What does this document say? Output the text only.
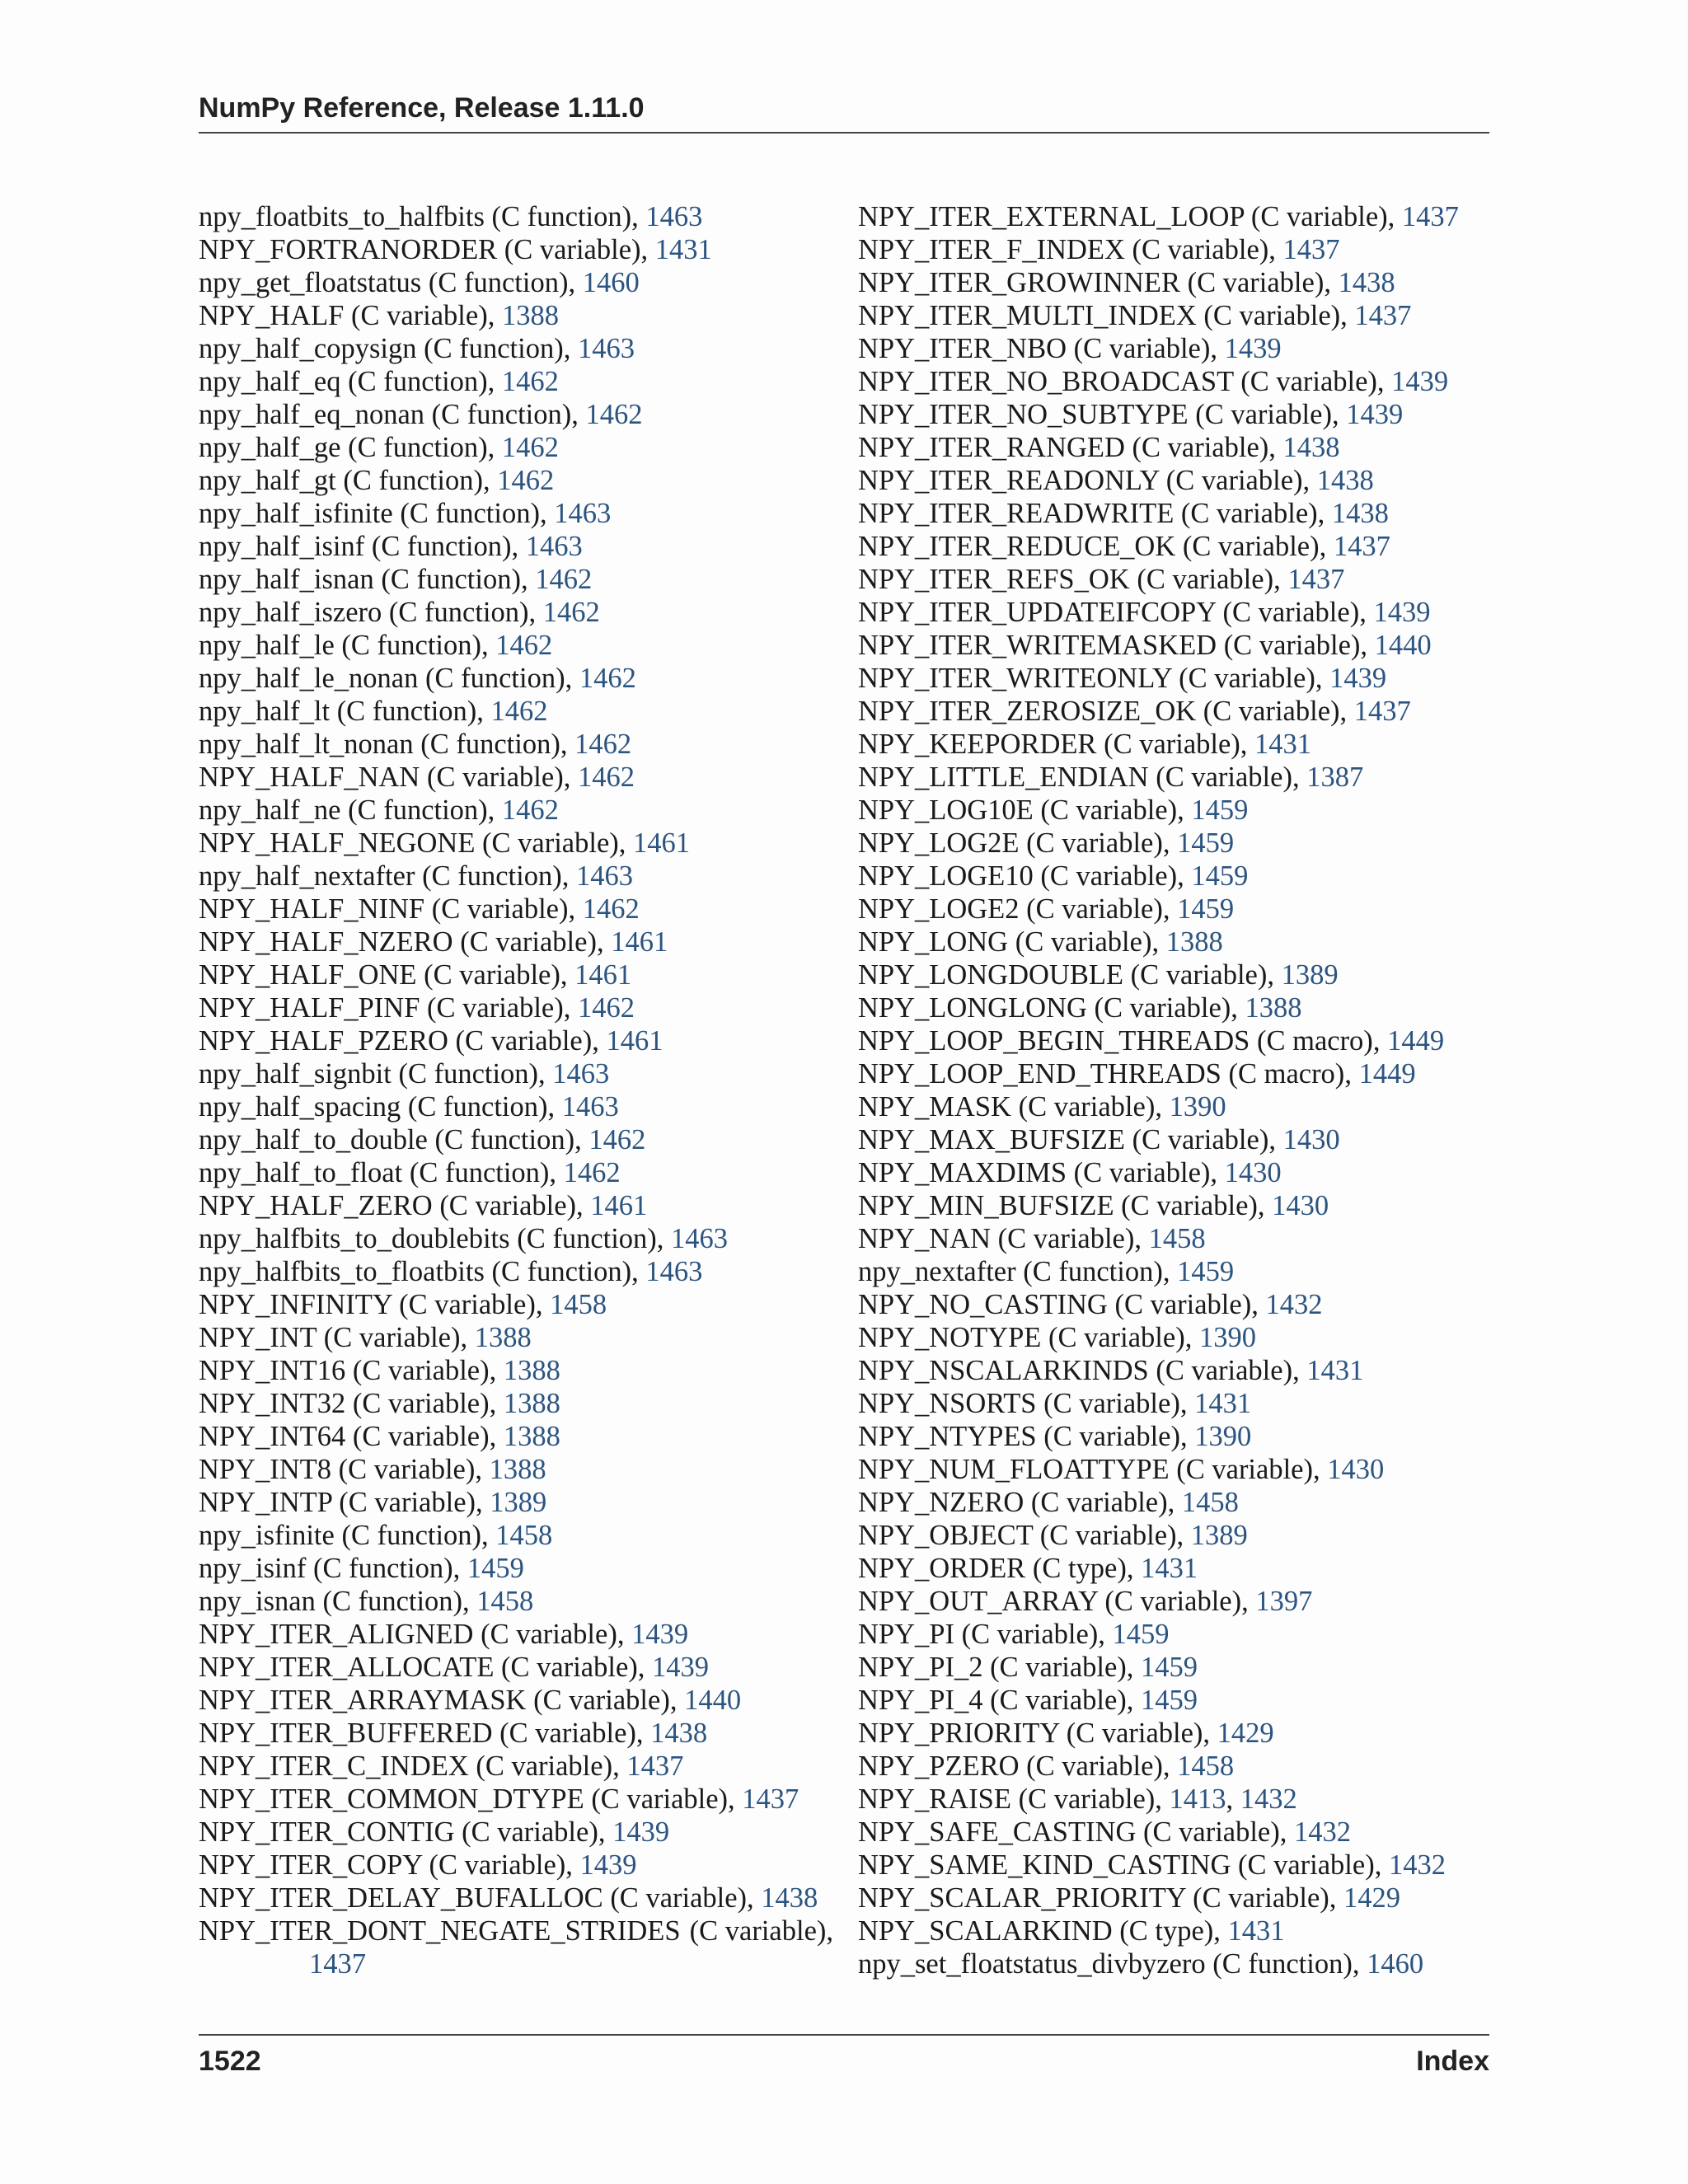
NumPy Reference, Release 1.11.0
npy_floatbits_to_halfbits (C function), 1463
NPY_FORTRANORDER (C variable), 1431
npy_get_floatstatus (C function), 1460
NPY_HALF (C variable), 1388
npy_half_copysign (C function), 1463
npy_half_eq (C function), 1462
npy_half_eq_nonan (C function), 1462
npy_half_ge (C function), 1462
npy_half_gt (C function), 1462
npy_half_isfinite (C function), 1463
npy_half_isinf (C function), 1463
npy_half_isnan (C function), 1462
npy_half_iszero (C function), 1462
npy_half_le (C function), 1462
npy_half_le_nonan (C function), 1462
npy_half_lt (C function), 1462
npy_half_lt_nonan (C function), 1462
NPY_HALF_NAN (C variable), 1462
npy_half_ne (C function), 1462
NPY_HALF_NEGONE (C variable), 1461
npy_half_nextafter (C function), 1463
NPY_HALF_NINF (C variable), 1462
NPY_HALF_NZERO (C variable), 1461
NPY_HALF_ONE (C variable), 1461
NPY_HALF_PINF (C variable), 1462
NPY_HALF_PZERO (C variable), 1461
npy_half_signbit (C function), 1463
npy_half_spacing (C function), 1463
npy_half_to_double (C function), 1462
npy_half_to_float (C function), 1462
NPY_HALF_ZERO (C variable), 1461
npy_halfbits_to_doublebits (C function), 1463
npy_halfbits_to_floatbits (C function), 1463
NPY_INFINITY (C variable), 1458
NPY_INT (C variable), 1388
NPY_INT16 (C variable), 1388
NPY_INT32 (C variable), 1388
NPY_INT64 (C variable), 1388
NPY_INT8 (C variable), 1388
NPY_INTP (C variable), 1389
npy_isfinite (C function), 1458
npy_isinf (C function), 1459
npy_isnan (C function), 1458
NPY_ITER_ALIGNED (C variable), 1439
NPY_ITER_ALLOCATE (C variable), 1439
NPY_ITER_ARRAYMASK (C variable), 1440
NPY_ITER_BUFFERED (C variable), 1438
NPY_ITER_C_INDEX (C variable), 1437
NPY_ITER_COMMON_DTYPE (C variable), 1437
NPY_ITER_CONTIG (C variable), 1439
NPY_ITER_COPY (C variable), 1439
NPY_ITER_DELAY_BUFALLOC (C variable), 1438
NPY_ITER_DONT_NEGATE_STRIDES (C variable),
1437
NPY_ITER_EXTERNAL_LOOP (C variable), 1437
NPY_ITER_F_INDEX (C variable), 1437
NPY_ITER_GROWINNER (C variable), 1438
NPY_ITER_MULTI_INDEX (C variable), 1437
NPY_ITER_NBO (C variable), 1439
NPY_ITER_NO_BROADCAST (C variable), 1439
NPY_ITER_NO_SUBTYPE (C variable), 1439
NPY_ITER_RANGED (C variable), 1438
NPY_ITER_READONLY (C variable), 1438
NPY_ITER_READWRITE (C variable), 1438
NPY_ITER_REDUCE_OK (C variable), 1437
NPY_ITER_REFS_OK (C variable), 1437
NPY_ITER_UPDATEIFCOPY (C variable), 1439
NPY_ITER_WRITEMASKED (C variable), 1440
NPY_ITER_WRITEONLY (C variable), 1439
NPY_ITER_ZEROSIZE_OK (C variable), 1437
NPY_KEEPORDER (C variable), 1431
NPY_LITTLE_ENDIAN (C variable), 1387
NPY_LOG10E (C variable), 1459
NPY_LOG2E (C variable), 1459
NPY_LOGE10 (C variable), 1459
NPY_LOGE2 (C variable), 1459
NPY_LONG (C variable), 1388
NPY_LONGDOUBLE (C variable), 1389
NPY_LONGLONG (C variable), 1388
NPY_LOOP_BEGIN_THREADS (C macro), 1449
NPY_LOOP_END_THREADS (C macro), 1449
NPY_MASK (C variable), 1390
NPY_MAX_BUFSIZE (C variable), 1430
NPY_MAXDIMS (C variable), 1430
NPY_MIN_BUFSIZE (C variable), 1430
NPY_NAN (C variable), 1458
npy_nextafter (C function), 1459
NPY_NO_CASTING (C variable), 1432
NPY_NOTYPE (C variable), 1390
NPY_NSCALARKINDS (C variable), 1431
NPY_NSORTS (C variable), 1431
NPY_NTYPES (C variable), 1390
NPY_NUM_FLOATTYPE (C variable), 1430
NPY_NZERO (C variable), 1458
NPY_OBJECT (C variable), 1389
NPY_ORDER (C type), 1431
NPY_OUT_ARRAY (C variable), 1397
NPY_PI (C variable), 1459
NPY_PI_2 (C variable), 1459
NPY_PI_4 (C variable), 1459
NPY_PRIORITY (C variable), 1429
NPY_PZERO (C variable), 1458
NPY_RAISE (C variable), 1413, 1432
NPY_SAFE_CASTING (C variable), 1432
NPY_SAME_KIND_CASTING (C variable), 1432
NPY_SCALAR_PRIORITY (C variable), 1429
NPY_SCALARKIND (C type), 1431
npy_set_floatstatus_divbyzero (C function), 1460
1522	Index
